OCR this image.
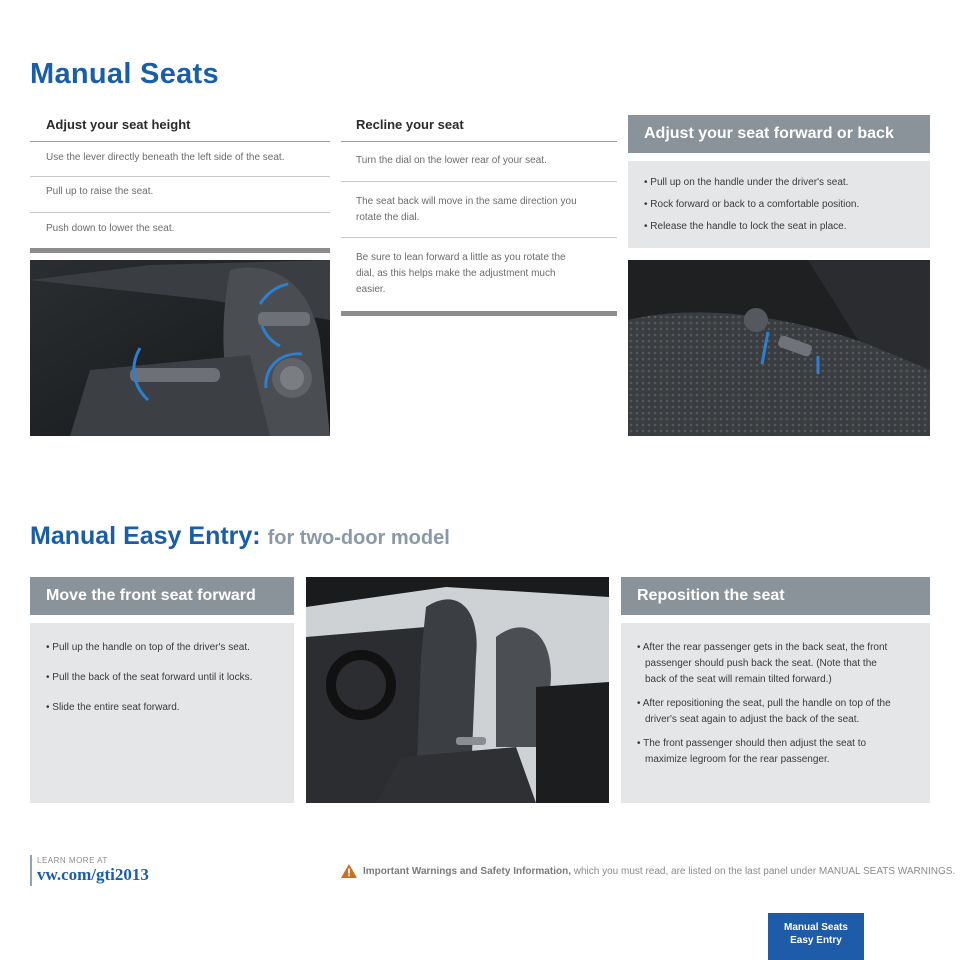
Manual Seats
Adjust your seat height
Use the lever directly beneath the left side of the seat.
Pull up to raise the seat.
Push down to lower the seat.
Recline your seat
Turn the dial on the lower rear of your seat.
The seat back will move in the same direction you rotate the dial.
Be sure to lean forward a little as you rotate the dial, as this helps make the adjustment much easier.
Adjust your seat forward or back
• Pull up on the handle under the driver's seat.
• Rock forward or back to a comfortable position.
• Release the handle to lock the seat in place.
Manual Easy Entry: for two-door model
Move the front seat forward
• Pull up the handle on top of the driver's seat.
• Pull the back of the seat forward until it locks.
• Slide the entire seat forward.
Reposition the seat
• After the rear passenger gets in the back seat, the front passenger should push back the seat. (Note that the back of the seat will remain tilted forward.)
• After repositioning the seat, pull the handle on top of the driver's seat again to adjust the back of the seat.
• The front passenger should then adjust the seat to maximize legroom for the rear passenger.
LEARN MORE AT
vw.com/gti2013	Important Warnings and Safety Information, which you must read, are listed on the last panel under MANUAL SEATS WARNINGS.
Manual Seats
Easy Entry
